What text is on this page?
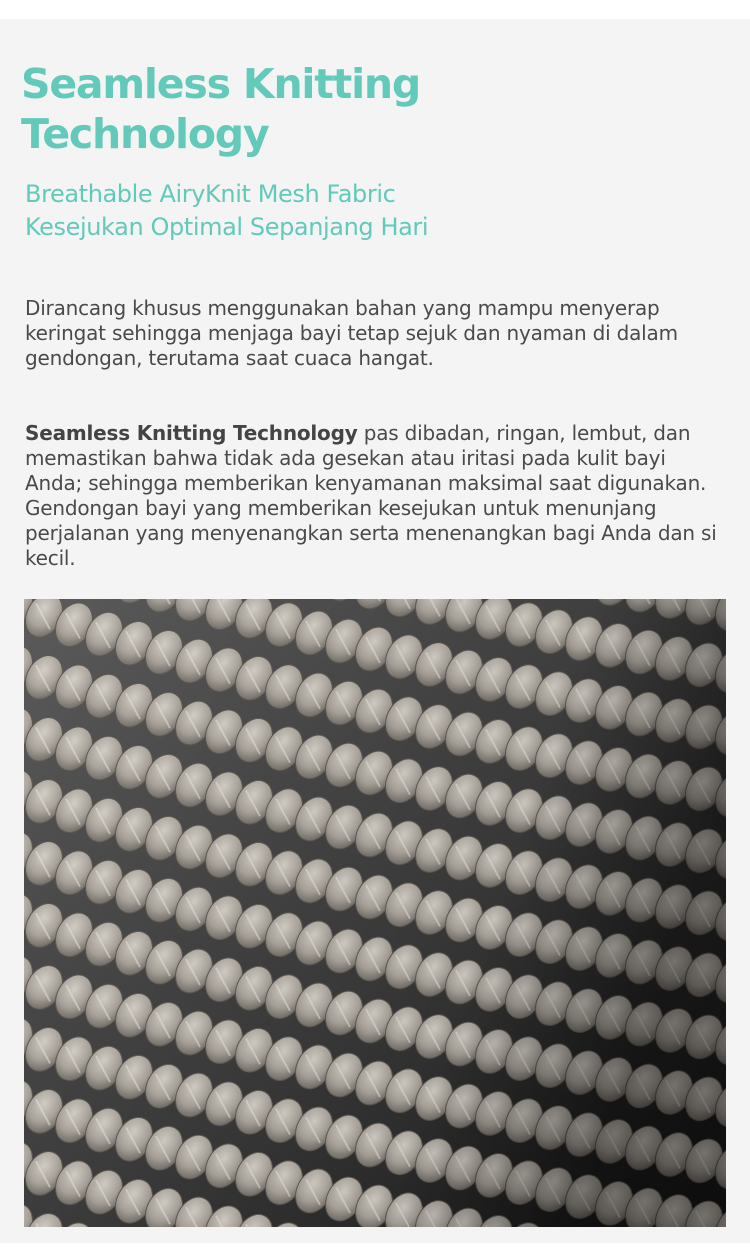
Seamless Knitting Technology
Breathable AiryKnit Mesh Fabric
Kesejukan Optimal Sepanjang Hari

Dirancang khusus menggunakan bahan yang mampu menyerap keringat sehingga menjaga bayi tetap sejuk dan nyaman di dalam gendongan, terutama saat cuaca hangat.

Seamless Knitting Technology pas dibadan, ringan, lembut, dan memastikan bahwa tidak ada gesekan atau iritasi pada kulit bayi Anda; sehingga memberikan kenyamanan maksimal saat digunakan. Gendongan bayi yang memberikan kesejukan untuk menunjang perjalanan yang menyenangkan serta menenangkan bagi Anda dan si kecil.
